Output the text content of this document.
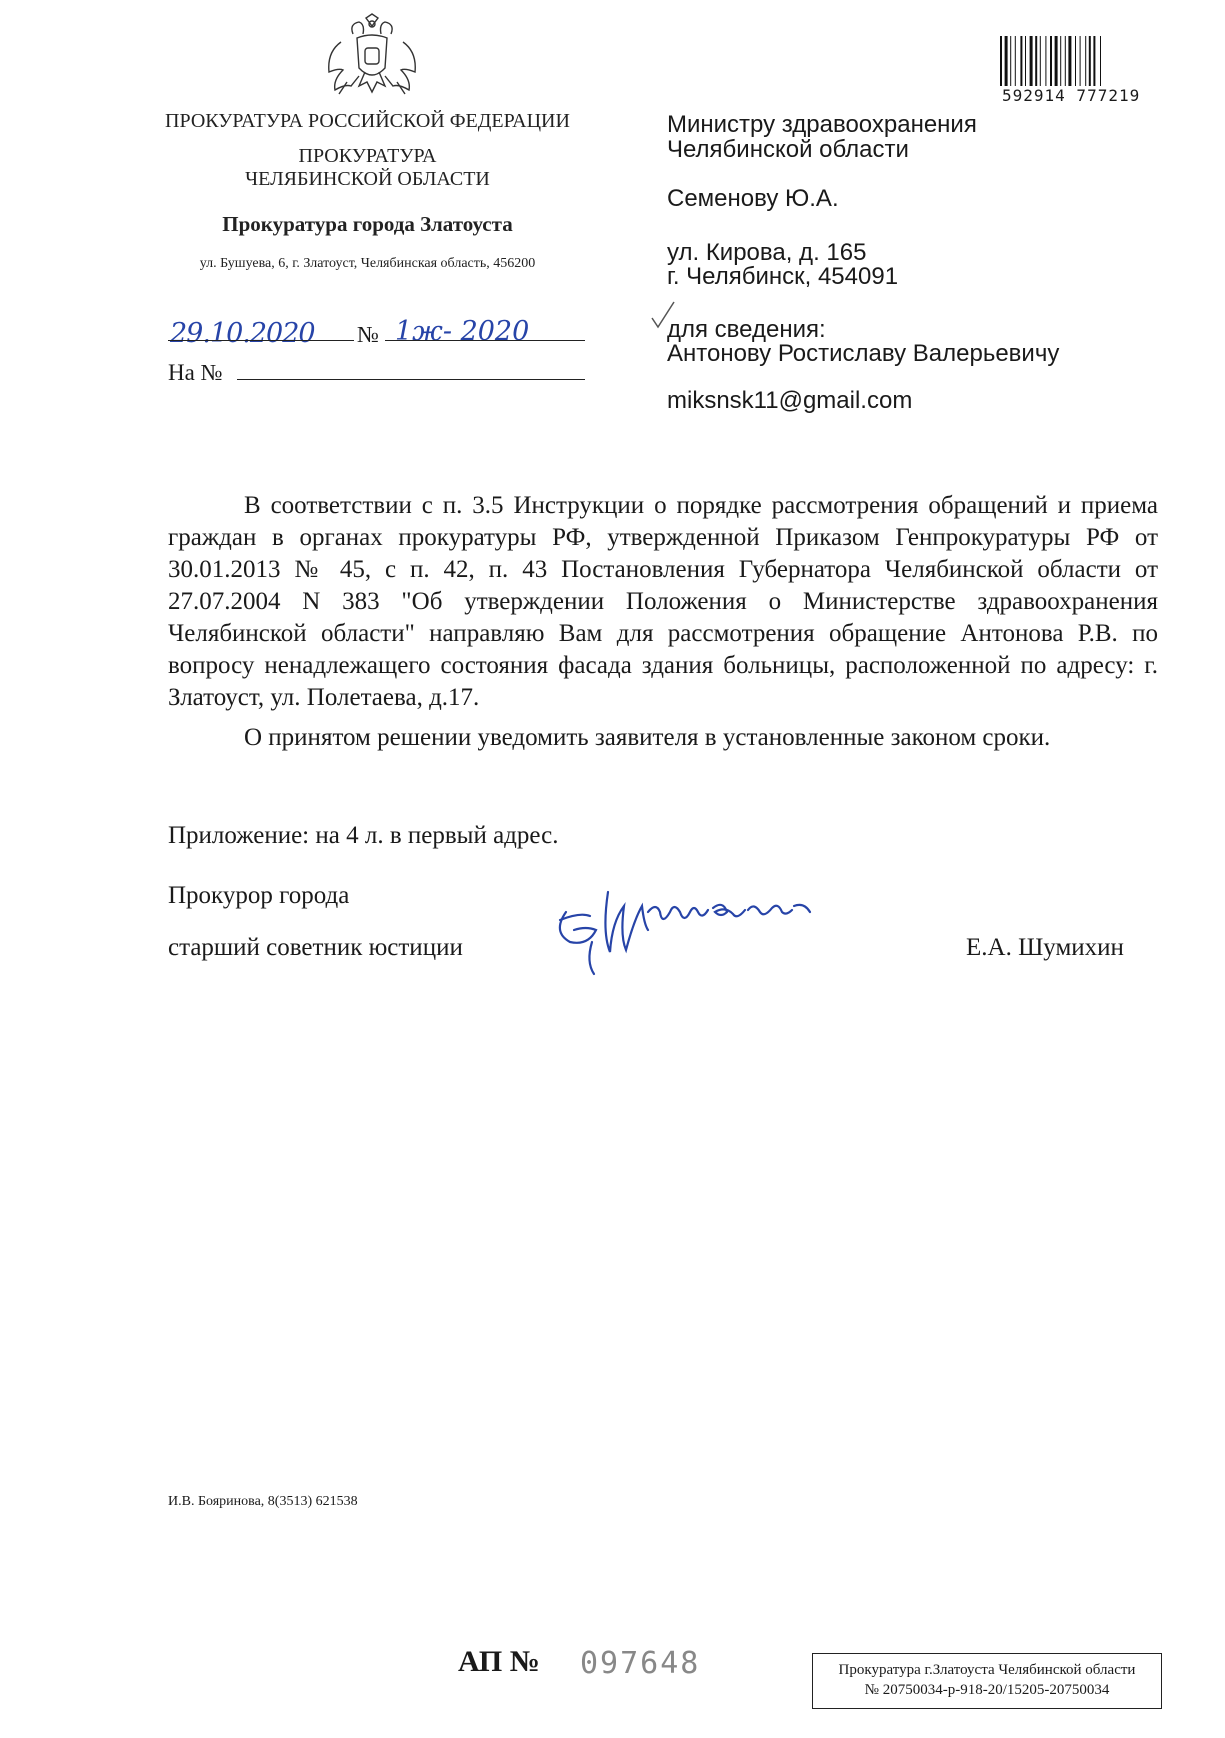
ПРОКУРАТУРА РОССИЙСКОЙ ФЕДЕРАЦИИ
ПРОКУРАТУРА
ЧЕЛЯБИНСКОЙ ОБЛАСТИ
Прокуратура города Златоуста
ул. Бушуева, 6, г. Златоуст, Челябинская область, 456200
29.10.2020 № 1ж- 2020
На №
592914 777219
Министру здравоохранения
Челябинской области
Семенову Ю.А.
ул. Кирова, д. 165
г. Челябинск, 454091
для сведения:
Антонову Ростиславу Валерьевичу
miksnsk11@gmail.com
В соответствии с п. 3.5 Инструкции о порядке рассмотрения обращений и приема граждан в органах прокуратуры РФ, утвержденной Приказом Генпрокуратуры РФ от 30.01.2013 № 45, с п. 42, п. 43 Постановления Губернатора Челябинской области от 27.07.2004 N 383 "Об утверждении Положения о Министерстве здравоохранения Челябинской области" направляю Вам для рассмотрения обращение Антонова Р.В. по вопросу ненадлежащего состояния фасада здания больницы, расположенной по адресу: г. Златоуст, ул. Полетаева, д.17.
О принятом решении уведомить заявителя в установленные законом сроки.
Приложение: на 4 л. в первый адрес.
Прокурор города
старший советник юстиции	Е.А. Шумихин
И.В. Бояринова, 8(3513) 621538
АП № 097648	Прокуратура г.Златоуста Челябинской области
№ 20750034-р-918-20/15205-20750034
